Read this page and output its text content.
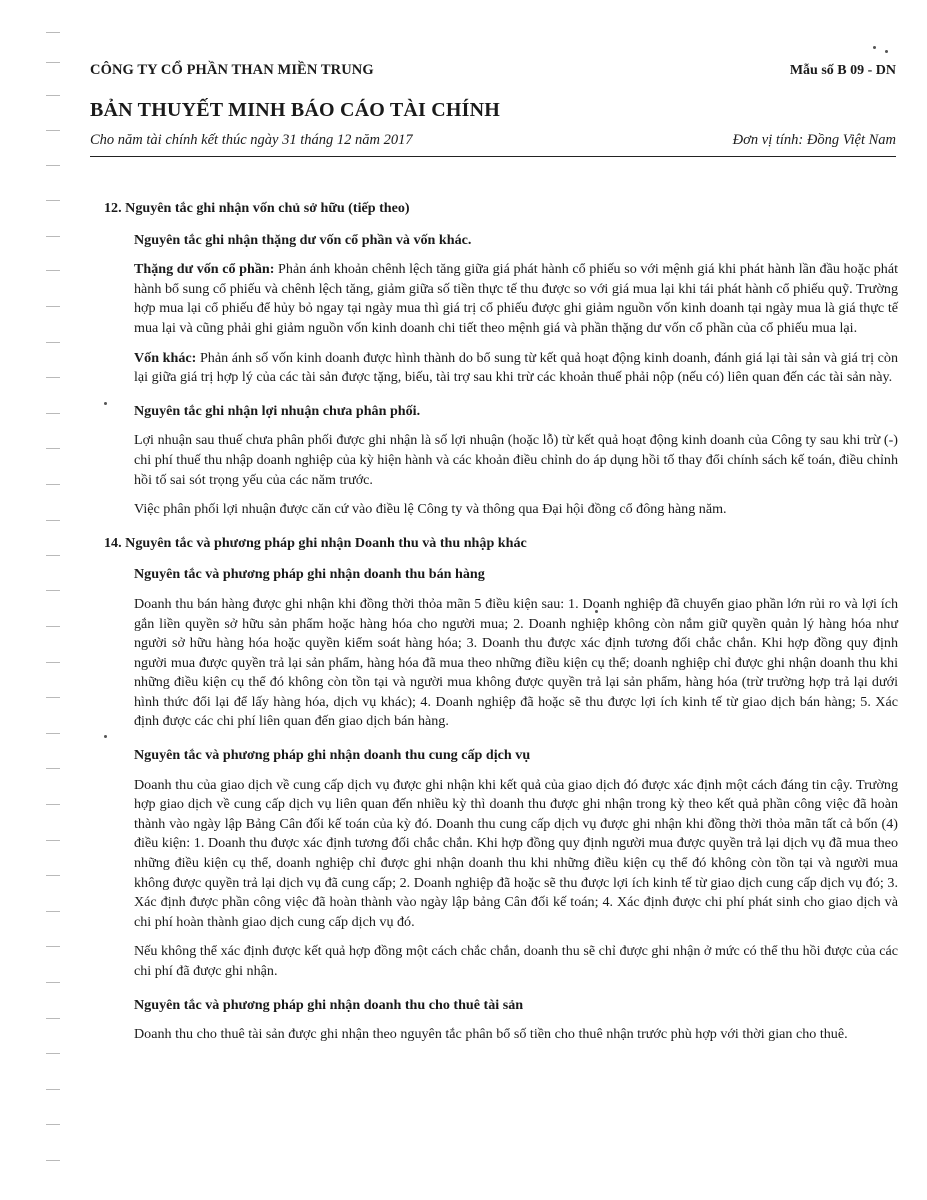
CÔNG TY CỔ PHẦN THAN MIỀN TRUNG	Mẫu số B 09 - DN
BẢN THUYẾT MINH BÁO CÁO TÀI CHÍNH
Cho năm tài chính kết thúc ngày 31 tháng 12 năm 2017	Đơn vị tính: Đồng Việt Nam
12. Nguyên tắc ghi nhận vốn chủ sở hữu (tiếp theo)
Nguyên tắc ghi nhận thặng dư vốn cổ phần và vốn khác.

Thặng dư vốn cổ phần: Phản ánh khoản chênh lệch tăng giữa giá phát hành cổ phiếu so với mệnh giá khi phát hành lần đầu hoặc phát hành bổ sung cổ phiếu và chênh lệch tăng, giảm giữa số tiền thực tế thu được so với giá mua lại khi tái phát hành cổ phiếu quỹ. Trường hợp mua lại cổ phiếu để hủy bỏ ngay tại ngày mua thì giá trị cổ phiếu được ghi giảm nguồn vốn kinh doanh tại ngày mua là giá thực tế mua lại và cũng phải ghi giảm nguồn vốn kinh doanh chi tiết theo mệnh giá và phần thặng dư vốn cổ phần của cổ phiếu mua lại.

Vốn khác: Phản ánh số vốn kinh doanh được hình thành do bổ sung từ kết quả hoạt động kinh doanh, đánh giá lại tài sản và giá trị còn lại giữa giá trị hợp lý của các tài sản được tặng, biếu, tài trợ sau khi trừ các khoản thuế phải nộp (nếu có) liên quan đến các tài sản này.

Nguyên tắc ghi nhận lợi nhuận chưa phân phối.

Lợi nhuận sau thuế chưa phân phối được ghi nhận là số lợi nhuận (hoặc lỗ) từ kết quả hoạt động kinh doanh của Công ty sau khi trừ (-) chi phí thuế thu nhập doanh nghiệp của kỳ hiện hành và các khoản điều chỉnh do áp dụng hồi tố thay đổi chính sách kế toán, điều chỉnh hồi tố sai sót trọng yếu của các năm trước.

Việc phân phối lợi nhuận được căn cứ vào điều lệ Công ty và thông qua Đại hội đồng cổ đông hàng năm.

14. Nguyên tắc và phương pháp ghi nhận Doanh thu và thu nhập khác
Nguyên tắc và phương pháp ghi nhận doanh thu bán hàng

Doanh thu bán hàng được ghi nhận khi đồng thời thỏa mãn 5 điều kiện sau: 1. Doanh nghiệp đã chuyển giao phần lớn rủi ro và lợi ích gắn liền quyền sở hữu sản phẩm hoặc hàng hóa cho người mua; 2. Doanh nghiệp không còn nắm giữ quyền quản lý hàng hóa như người sở hữu hàng hóa hoặc quyền kiểm soát hàng hóa; 3. Doanh thu được xác định tương đối chắc chắn. Khi hợp đồng quy định người mua được quyền trả lại sản phẩm, hàng hóa đã mua theo những điều kiện cụ thể; doanh nghiệp chỉ được ghi nhận doanh thu khi những điều kiện cụ thể đó không còn tồn tại và người mua không được quyền trả lại sản phẩm, hàng hóa (trừ trường hợp trả lại dưới hình thức đổi lại để lấy hàng hóa, dịch vụ khác); 4. Doanh nghiệp đã hoặc sẽ thu được lợi ích kinh tế từ giao dịch bán hàng; 5. Xác định được các chi phí liên quan đến giao dịch bán hàng.

Nguyên tắc và phương pháp ghi nhận doanh thu cung cấp dịch vụ

Doanh thu của giao dịch về cung cấp dịch vụ được ghi nhận khi kết quả của giao dịch đó được xác định một cách đáng tin cậy. Trường hợp giao dịch về cung cấp dịch vụ liên quan đến nhiều kỳ thì doanh thu được ghi nhận trong kỳ theo kết quả phần công việc đã hoàn thành vào ngày lập Bảng Cân đối kế toán của kỳ đó. Doanh thu cung cấp dịch vụ được ghi nhận khi đồng thời thỏa mãn tất cả bốn (4) điều kiện: 1. Doanh thu được xác định tương đối chắc chắn. Khi hợp đồng quy định người mua được quyền trả lại dịch vụ đã mua theo những điều kiện cụ thể, doanh nghiệp chỉ được ghi nhận doanh thu khi những điều kiện cụ thể đó không còn tồn tại và người mua không được quyền trả lại dịch vụ đã cung cấp; 2. Doanh nghiệp đã hoặc sẽ thu được lợi ích kinh tế từ giao dịch cung cấp dịch vụ đó; 3. Xác định được phần công việc đã hoàn thành vào ngày lập bảng Cân đối kế toán; 4. Xác định được chi phí phát sinh cho giao dịch và chi phí hoàn thành giao dịch cung cấp dịch vụ đó.

Nếu không thể xác định được kết quả hợp đồng một cách chắc chắn, doanh thu sẽ chỉ được ghi nhận ở mức có thể thu hồi được của các chi phí đã được ghi nhận.

Nguyên tắc và phương pháp ghi nhận doanh thu cho thuê tài sản

Doanh thu cho thuê tài sản được ghi nhận theo nguyên tắc phân bổ số tiền cho thuê nhận trước phù hợp với thời gian cho thuê.
